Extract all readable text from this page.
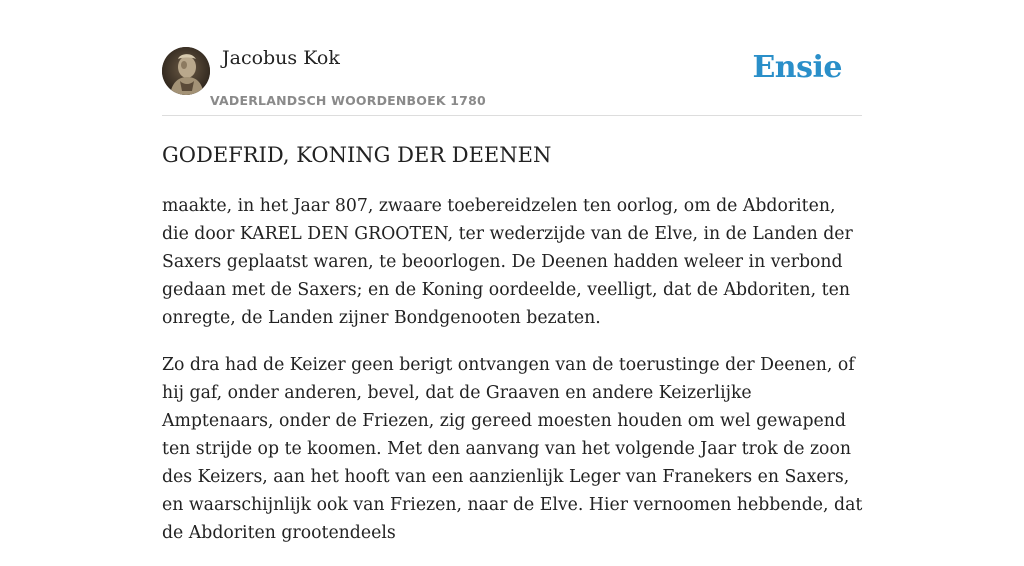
Jacobus Kok
VADERLANDSCH WOORDENBOEK 1780
Ensie
GODEFRID, KONING DER DEENEN

maakte, in het Jaar 807, zwaare toebereidzelen ten oorlog, om de Abdoriten, die door KAREL DEN GROOTEN, ter wederzijde van de Elve, in de Landen der Saxers geplaatst waren, te beoorlogen. De Deenen hadden weleer in verbond gedaan met de Saxers; en de Koning oordeelde, veelligt, dat de Abdoriten, ten onregte, de Landen zijner Bondgenooten bezaten.

Zo dra had de Keizer geen berigt ontvangen van de toerustinge der Deenen, of hij gaf, onder anderen, bevel, dat de Graaven en andere Keizerlijke Amptenaars, onder de Friezen, zig gereed moesten houden om wel gewapend ten strijde op te koomen. Met den aanvang van het volgende Jaar trok de zoon des Keizers, aan het hooft van een aanzienlijk Leger van Franekers en Saxers, en waarschijnlijk ook van Friezen, naar de Elve. Hier vernoomen hebbende, dat de Abdoriten grootendeels
